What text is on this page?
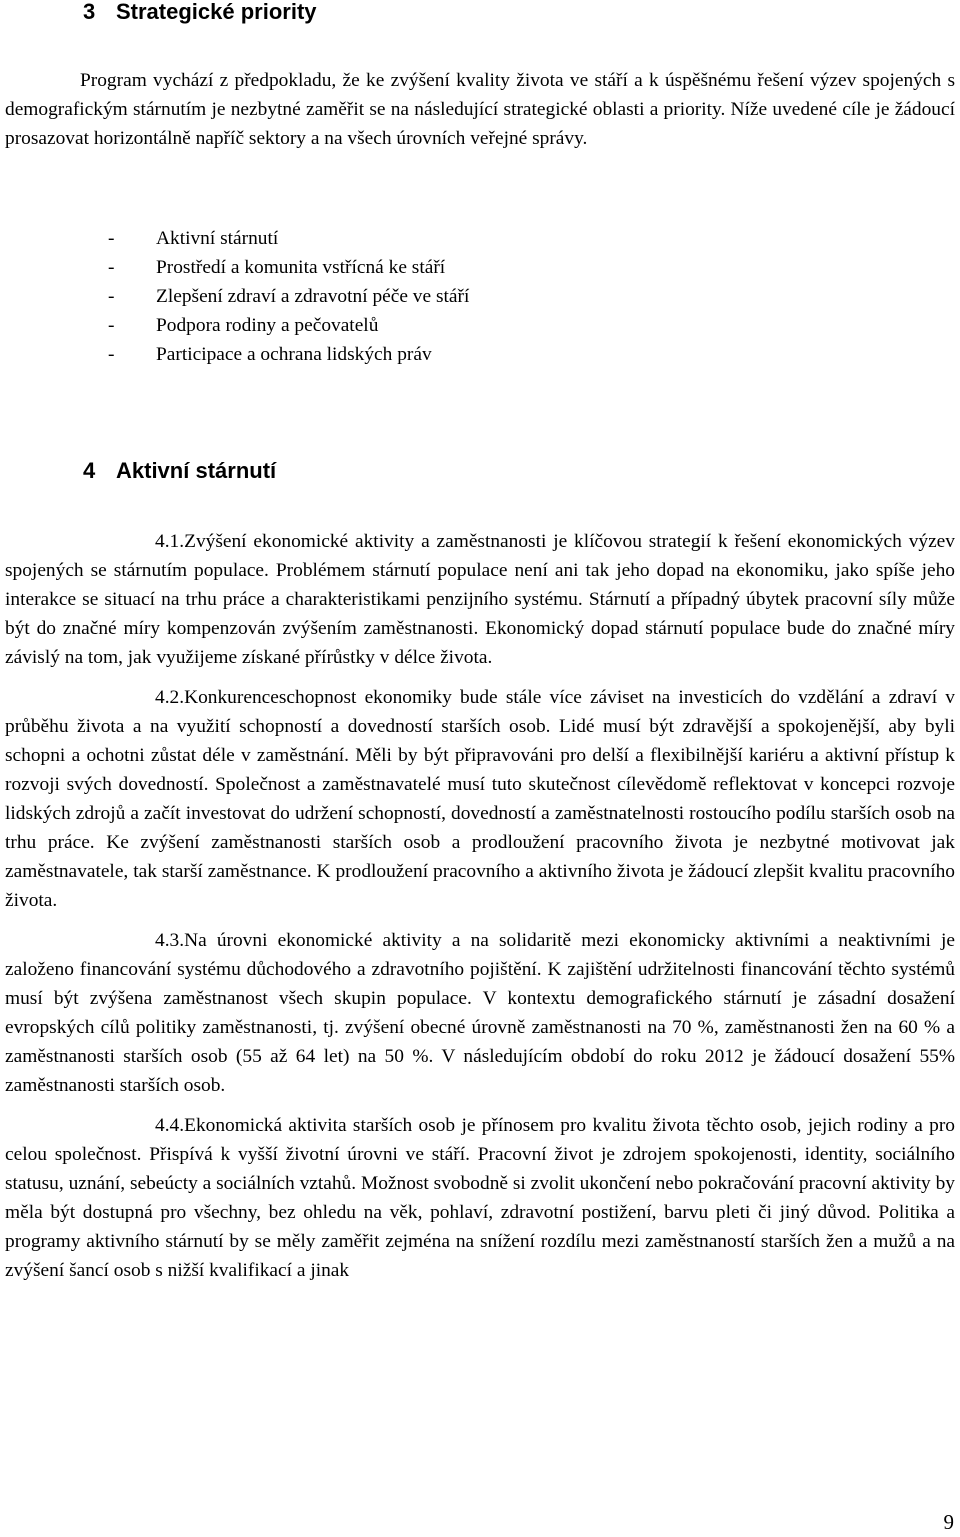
3 Strategické priority

Program vychází z předpokladu, že ke zvýšení kvality života ve stáří a k úspěšnému řešení výzev spojených s demografickým stárnutím je nezbytné zaměřit se na následující strategické oblasti a priority. Níže uvedené cíle je žádoucí prosazovat horizontálně napříč sektory a na všech úrovních veřejné správy.

- Aktivní stárnutí
- Prostředí a komunita vstřícná ke stáří
- Zlepšení zdraví a zdravotní péče ve stáří
- Podpora rodiny a pečovatelů
- Participace a ochrana lidských práv
4 Aktivní stárnutí

4.1.Zvýšení ekonomické aktivity a zaměstnanosti je klíčovou strategií k řešení ekonomických výzev spojených se stárnutím populace. Problémem stárnutí populace není ani tak jeho dopad na ekonomiku, jako spíše jeho interakce se situací na trhu práce a charakteristikami penzijního systému. Stárnutí a případný úbytek pracovní síly může být do značné míry kompenzován zvýšením zaměstnanosti. Ekonomický dopad stárnutí populace bude do značné míry závislý na tom, jak využijeme získané přírůstky v délce života.

4.2.Konkurenceschopnost ekonomiky bude stále více záviset na investicích do vzdělání a zdraví v průběhu života a na využití schopností a dovedností starších osob. Lidé musí být zdravější a spokojenější, aby byli schopni a ochotni zůstat déle v zaměstnání. Měli by být připravováni pro delší a flexibilnější kariéru a aktivní přístup k rozvoji svých dovedností. Společnost a zaměstnavatelé musí tuto skutečnost cílevědomě reflektovat v koncepci rozvoje lidských zdrojů a začít investovat do udržení schopností, dovedností a zaměstnatelnosti rostoucího podílu starších osob na trhu práce. Ke zvýšení zaměstnanosti starších osob a prodloužení pracovního života je nezbytné motivovat jak zaměstnavatele, tak starší zaměstnance. K prodloužení pracovního a aktivního života je žádoucí zlepšit kvalitu pracovního života.

4.3.Na úrovni ekonomické aktivity a na solidaritě mezi ekonomicky aktivními a neaktivními je založeno financování systému důchodového a zdravotního pojištění. K zajištění udržitelnosti financování těchto systémů musí být zvýšena zaměstnanost všech skupin populace. V kontextu demografického stárnutí je zásadní dosažení evropských cílů politiky zaměstnanosti, tj. zvýšení obecné úrovně zaměstnanosti na 70 %, zaměstnanosti žen na 60 % a zaměstnanosti starších osob (55 až 64 let) na 50 %. V následujícím období do roku 2012 je žádoucí dosažení 55% zaměstnanosti starších osob.

4.4.Ekonomická aktivita starších osob je přínosem pro kvalitu života těchto osob, jejich rodiny a pro celou společnost. Přispívá k vyšší životní úrovni ve stáří. Pracovní život je zdrojem spokojenosti, identity, sociálního statusu, uznání, sebeúcty a sociálních vztahů. Možnost svobodně si zvolit ukončení nebo pokračování pracovní aktivity by měla být dostupná pro všechny, bez ohledu na věk, pohlaví, zdravotní postižení, barvu pleti či jiný důvod. Politika a programy aktivního stárnutí by se měly zaměřit zejména na snížení rozdílu mezi zaměstnaností starších žen a mužů a na zvýšení šancí osob s nižší kvalifikací a jinak

9
